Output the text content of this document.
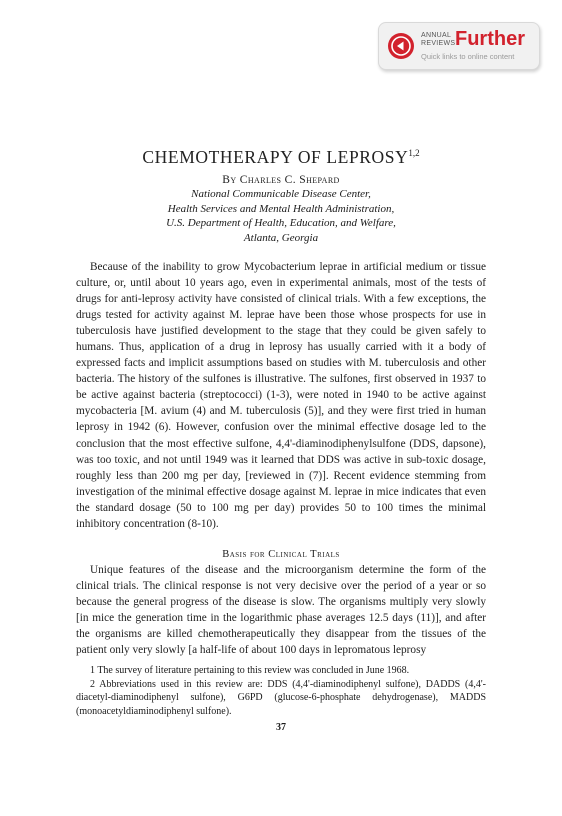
ANNUAL
REVIEWS Further
Quick links to online content
CHEMOTHERAPY OF LEPROSY$^{1,2}$
By Charles C. Shepard
National Communicable Disease Center,
Health Services and Mental Health Administration,
U.S. Department of Health, Education, and Welfare,
Atlanta, Georgia

Because of the inability to grow Mycobacterium leprae in artificial medium or tissue culture, or, until about 10 years ago, even in experimental animals, most of the tests of drugs for anti-leprosy activity have consisted of clinical trials. With a few exceptions, the drugs tested for activity against M. leprae have been those whose prospects for use in tuberculosis have justified development to the stage that they could be given safely to humans. Thus, application of a drug in leprosy has usually carried with it a body of expressed facts and implicit assumptions based on studies with M. tuberculosis and other bacteria. The history of the sulfones is illustrative. The sulfones, first observed in 1937 to be active against bacteria (streptococci) (1-3), were noted in 1940 to be active against mycobacteria [M. avium (4) and M. tuberculosis (5)], and they were first tried in human leprosy in 1942 (6). However, confusion over the minimal effective dosage led to the conclusion that the most effective sulfone, 4,4'-diaminodiphenylsulfone (DDS, dapsone), was too toxic, and not until 1949 was it learned that DDS was active in sub-toxic dosage, roughly less than 200 mg per day, [reviewed in (7)]. Recent evidence stemming from investigation of the minimal effective dosage against M. leprae in mice indicates that even the standard dosage (50 to 100 mg per day) provides 50 to 100 times the minimal inhibitory concentration (8-10).

Basis for Clinical Trials

Unique features of the disease and the microorganism determine the form of the clinical trials. The clinical response is not very decisive over the period of a year or so because the general progress of the disease is slow. The organisms multiply very slowly [in mice the generation time in the logarithmic phase averages 12.5 days (11)], and after the organisms are killed chemotherapeutically they disappear from the tissues of the patient only very slowly [a half-life of about 100 days in lepromatous leprosy

1 The survey of literature pertaining to this review was concluded in June 1968.

2 Abbreviations used in this review are: DDS (4,4'-diaminodiphenyl sulfone), DADDS (4,4'-diacetyl-diaminodiphenyl sulfone), G6PD (glucose-6-phosphate dehydrogenase), MADDS (monoacetyldiaminodiphenyl sulfone).

37
